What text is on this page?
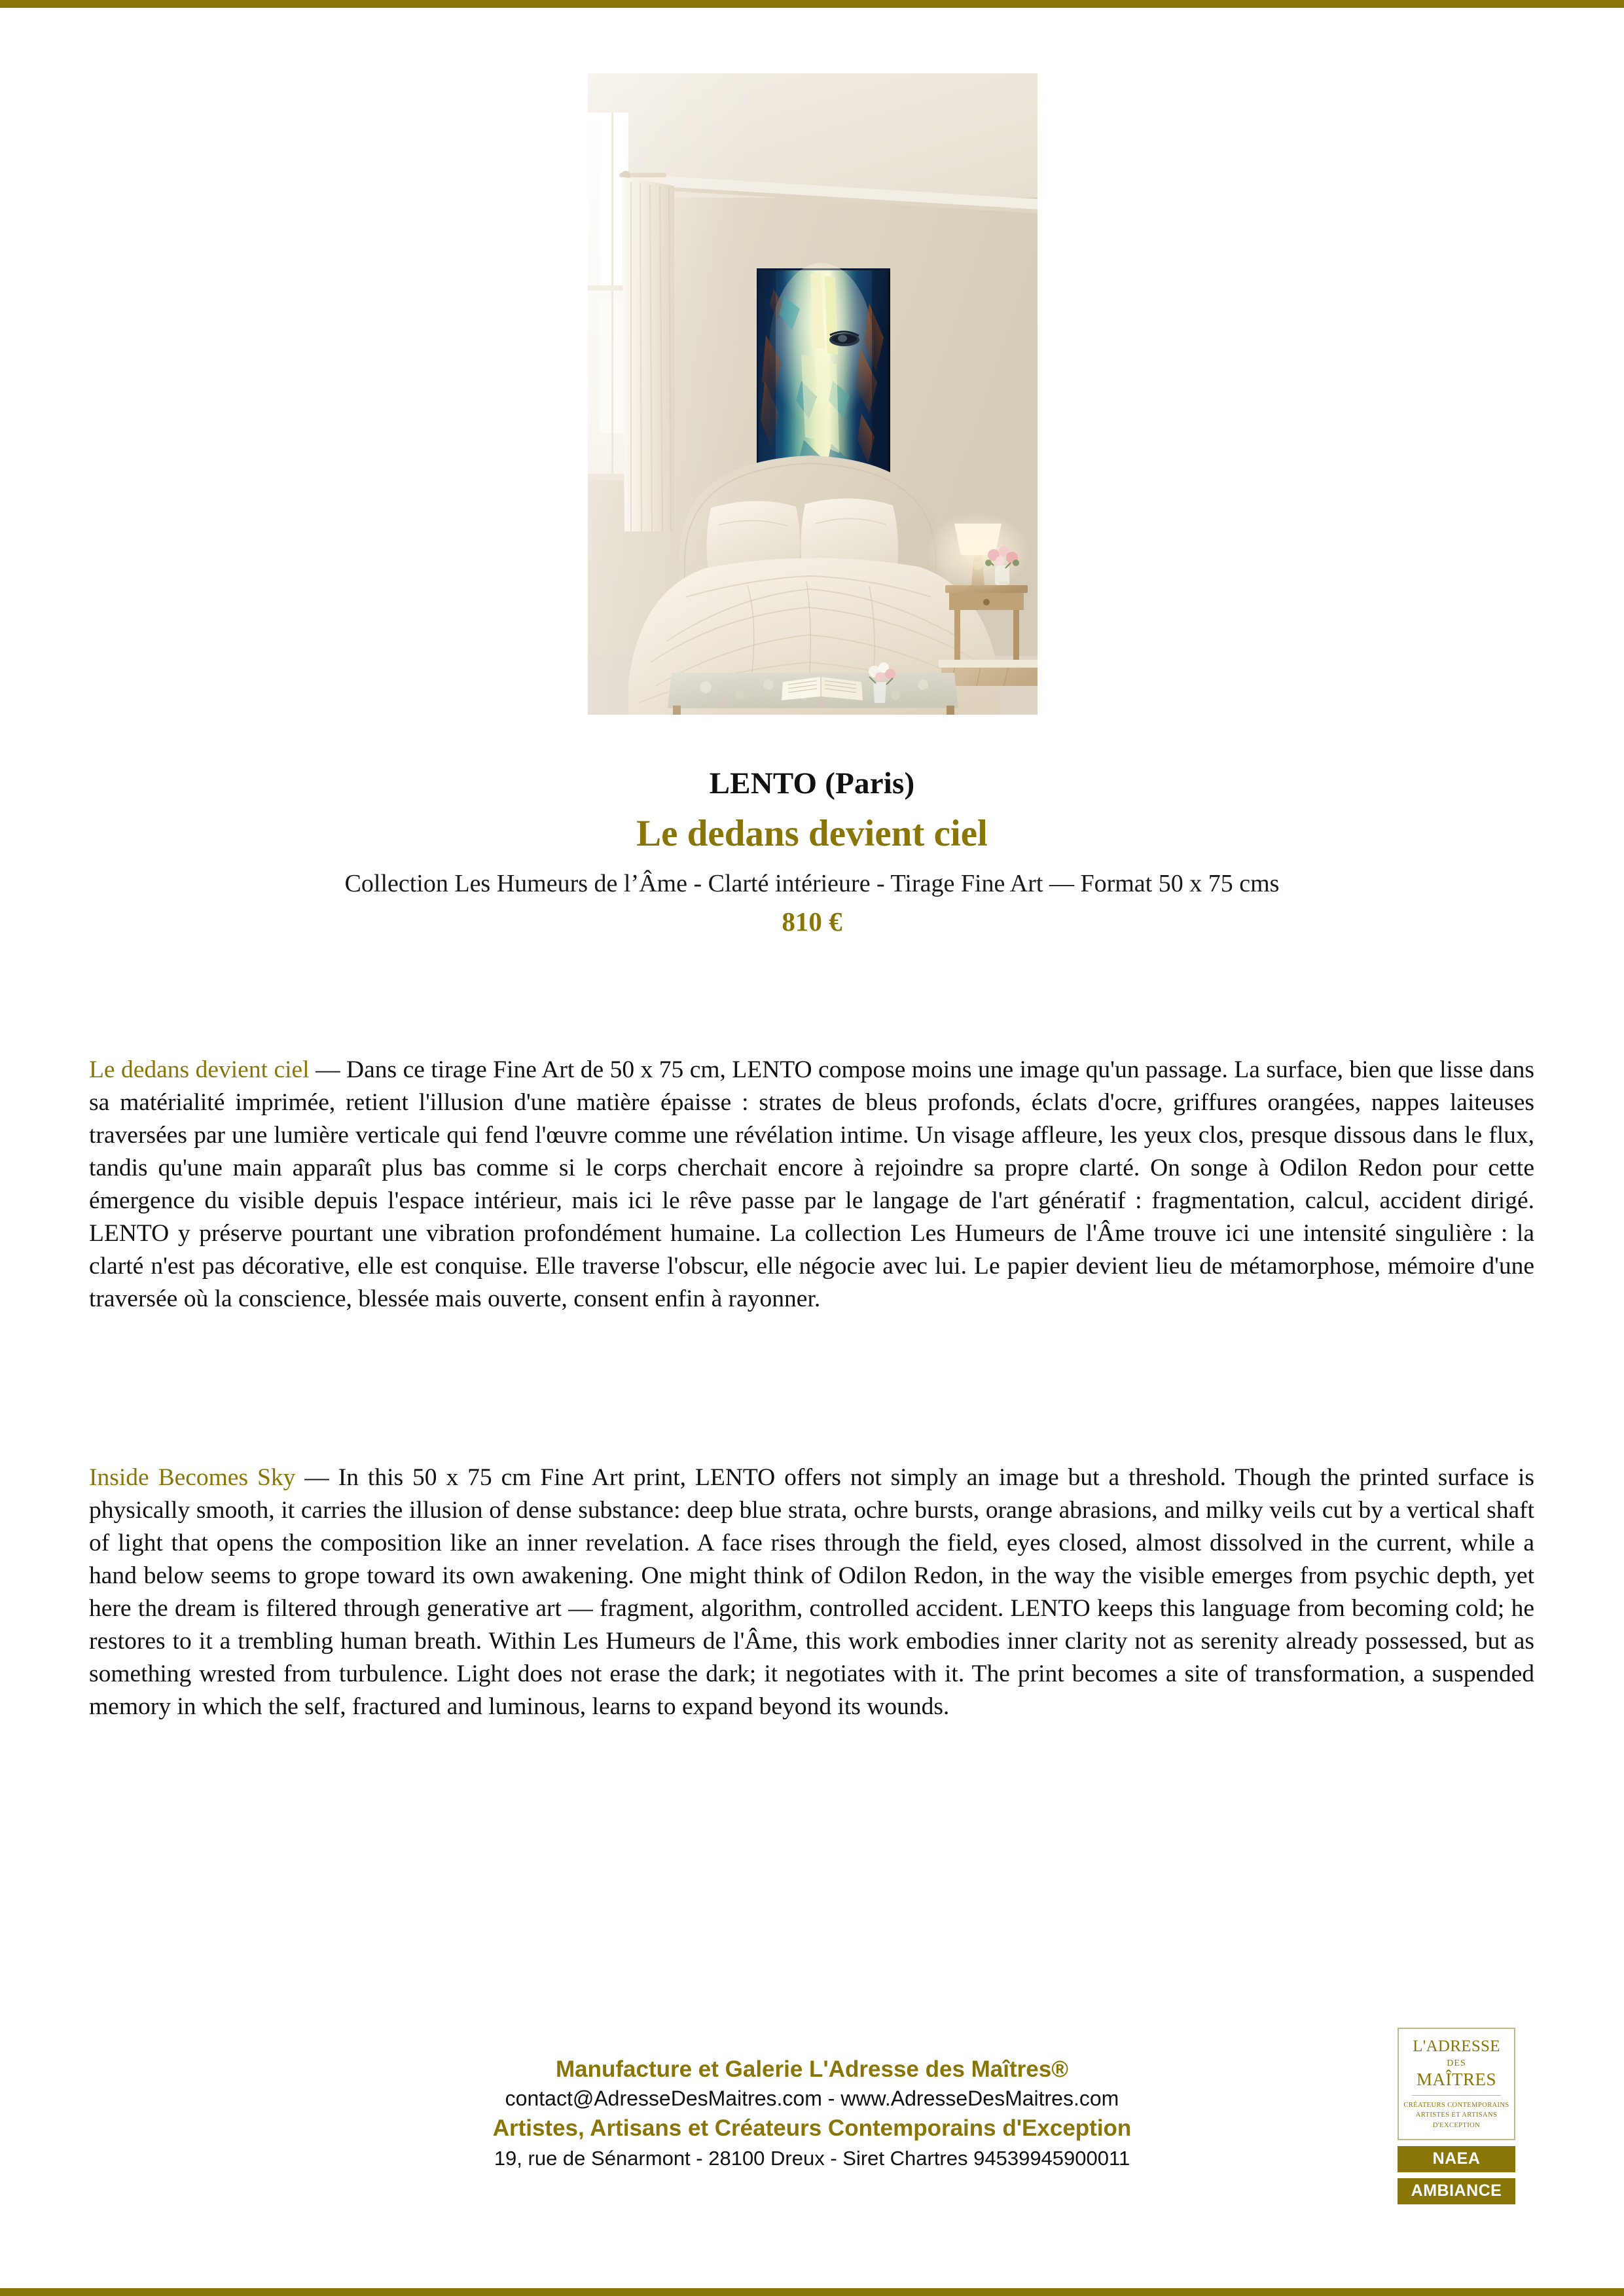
LENTO (Paris)
Le dedans devient ciel
Collection Les Humeurs de l’Âme - Clarté intérieure - Tirage Fine Art — Format 50 x 75 cms
810 €

Le dedans devient ciel — Dans ce tirage Fine Art de 50 x 75 cm, LENTO compose moins une image qu'un passage. La surface, bien que lisse dans sa matérialité imprimée, retient l'illusion d'une matière épaisse : strates de bleus profonds, éclats d'ocre, griffures orangées, nappes laiteuses traversées par une lumière verticale qui fend l'œuvre comme une révélation intime. Un visage affleure, les yeux clos, presque dissous dans le flux, tandis qu'une main apparaît plus bas comme si le corps cherchait encore à rejoindre sa propre clarté. On songe à Odilon Redon pour cette émergence du visible depuis l'espace intérieur, mais ici le rêve passe par le langage de l'art génératif : fragmentation, calcul, accident dirigé. LENTO y préserve pourtant une vibration profondément humaine. La collection Les Humeurs de l'Âme trouve ici une intensité singulière : la clarté n'est pas décorative, elle est conquise. Elle traverse l'obscur, elle négocie avec lui. Le papier devient lieu de métamorphose, mémoire d'une traversée où la conscience, blessée mais ouverte, consent enfin à rayonner.

Inside Becomes Sky — In this 50 x 75 cm Fine Art print, LENTO offers not simply an image but a threshold. Though the printed surface is physically smooth, it carries the illusion of dense substance: deep blue strata, ochre bursts, orange abrasions, and milky veils cut by a vertical shaft of light that opens the composition like an inner revelation. A face rises through the field, eyes closed, almost dissolved in the current, while a hand below seems to grope toward its own awakening. One might think of Odilon Redon, in the way the visible emerges from psychic depth, yet here the dream is filtered through generative art — fragment, algorithm, controlled accident. LENTO keeps this language from becoming cold; he restores to it a trembling human breath. Within Les Humeurs de l'Âme, this work embodies inner clarity not as serenity already possessed, but as something wrested from turbulence. Light does not erase the dark; it negotiates with it. The print becomes a site of transformation, a suspended memory in which the self, fractured and luminous, learns to expand beyond its wounds.

Manufacture et Galerie L'Adresse des Maîtres®
contact@AdresseDesMaitres.com - www.AdresseDesMaitres.com
Artistes, Artisans et Créateurs Contemporains d'Exception
19, rue de Sénarmont - 28100 Dreux - Siret Chartres 94539945900011
L'ADRESSE
DES
MAÎTRES
CRÉATEURS CONTEMPORAINS
ARTISTES ET ARTISANS
D'EXCEPTION
NAEA
AMBIANCE
